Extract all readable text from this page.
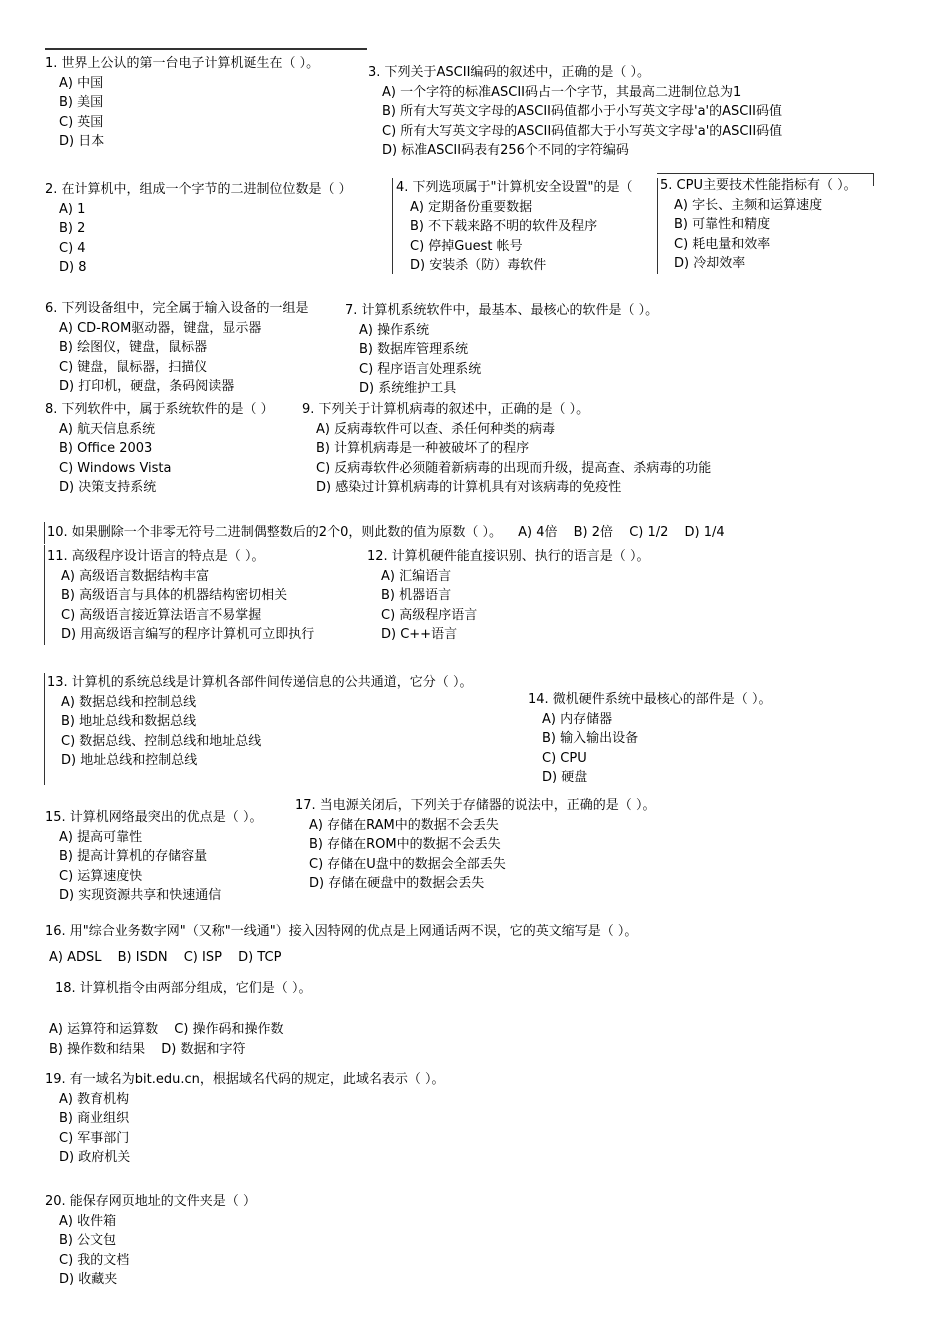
1. 世界上公认的第一台电子计算机诞生在（ ）。
A) 中国
B) 美国
C) 英国
D) 日本
3. 下列关于ASCII编码的叙述中，正确的是（ ）。
A) 一个字符的标准ASCII码占一个字节，其最高二进制位总为1
B) 所有大写英文字母的ASCII码值都小于小写英文字母'a'的ASCII码值
C) 所有大写英文字母的ASCII码值都大于小写英文字母'a'的ASCII码值
D) 标准ASCII码表有256个不同的字符编码
2. 在计算机中，组成一个字节的二进制位位数是（ ）
A) 1
B) 2
C) 4
D) 8
4. 下列选项属于"计算机安全设置"的是（
A) 定期备份重要数据
B) 不下载来路不明的软件及程序
C) 停掉Guest 帐号
D) 安装杀（防）毒软件
5. CPU主要技术性能指标有（ ）。
A) 字长、主频和运算速度
B) 可靠性和精度
C) 耗电量和效率
D) 冷却效率
6. 下列设备组中，完全属于输入设备的一组是
A) CD-ROM驱动器，键盘，显示器
B) 绘图仪，键盘，鼠标器
C) 键盘，鼠标器，扫描仪
D) 打印机，硬盘，条码阅读器
7. 计算机系统软件中，最基本、最核心的软件是（ ）。
A) 操作系统
B) 数据库管理系统
C) 程序语言处理系统
D) 系统维护工具
8. 下列软件中，属于系统软件的是（ ）
A) 航天信息系统
B) Office 2003
C) Windows Vista
D) 决策支持系统
9. 下列关于计算机病毒的叙述中，正确的是（ ）。
A) 反病毒软件可以查、杀任何种类的病毒
B) 计算机病毒是一种被破坏了的程序
C) 反病毒软件必须随着新病毒的出现而升级，提高查、杀病毒的功能
D) 感染过计算机病毒的计算机具有对该病毒的免疫性
10. 如果删除一个非零无符号二进制偶整数后的2个0，则此数的值为原数（ ）。 A) 4倍 B) 2倍 C) 1/2 D) 1/4
11. 高级程序设计语言的特点是（ ）。
A) 高级语言数据结构丰富
B) 高级语言与具体的机器结构密切相关
C) 高级语言接近算法语言不易掌握
D) 用高级语言编写的程序计算机可立即执行
12. 计算机硬件能直接识别、执行的语言是（ ）。
A) 汇编语言
B) 机器语言
C) 高级程序语言
D) C++语言
13. 计算机的系统总线是计算机各部件间传递信息的公共通道，它分（ ）。
A) 数据总线和控制总线
B) 地址总线和数据总线
C) 数据总线、控制总线和地址总线
D) 地址总线和控制总线
14. 微机硬件系统中最核心的部件是（ ）。
A) 内存储器
B) 输入输出设备
C) CPU
D) 硬盘
15. 计算机网络最突出的优点是（ ）。
A) 提高可靠性
B) 提高计算机的存储容量
C) 运算速度快
D) 实现资源共享和快速通信
17. 当电源关闭后，下列关于存储器的说法中，正确的是（ ）。
A) 存储在RAM中的数据不会丢失
B) 存储在ROM中的数据不会丢失
C) 存储在U盘中的数据会全部丢失
D) 存储在硬盘中的数据会丢失
16. 用"综合业务数字网"（又称"一线通"）接入因特网的优点是上网通话两不误，它的英文缩写是（ ）。
A) ADSL B) ISDN C) ISP D) TCP
18. 计算机指令由两部分组成，它们是（ ）。
A) 运算符和运算数 C) 操作码和操作数
B) 操作数和结果 D) 数据和字符
19. 有一域名为bit.edu.cn，根据域名代码的规定，此域名表示（ ）。
A) 教育机构
B) 商业组织
C) 军事部门
D) 政府机关
20. 能保存网页地址的文件夹是（ ）
A) 收件箱
B) 公文包
C) 我的文档
D) 收藏夹
